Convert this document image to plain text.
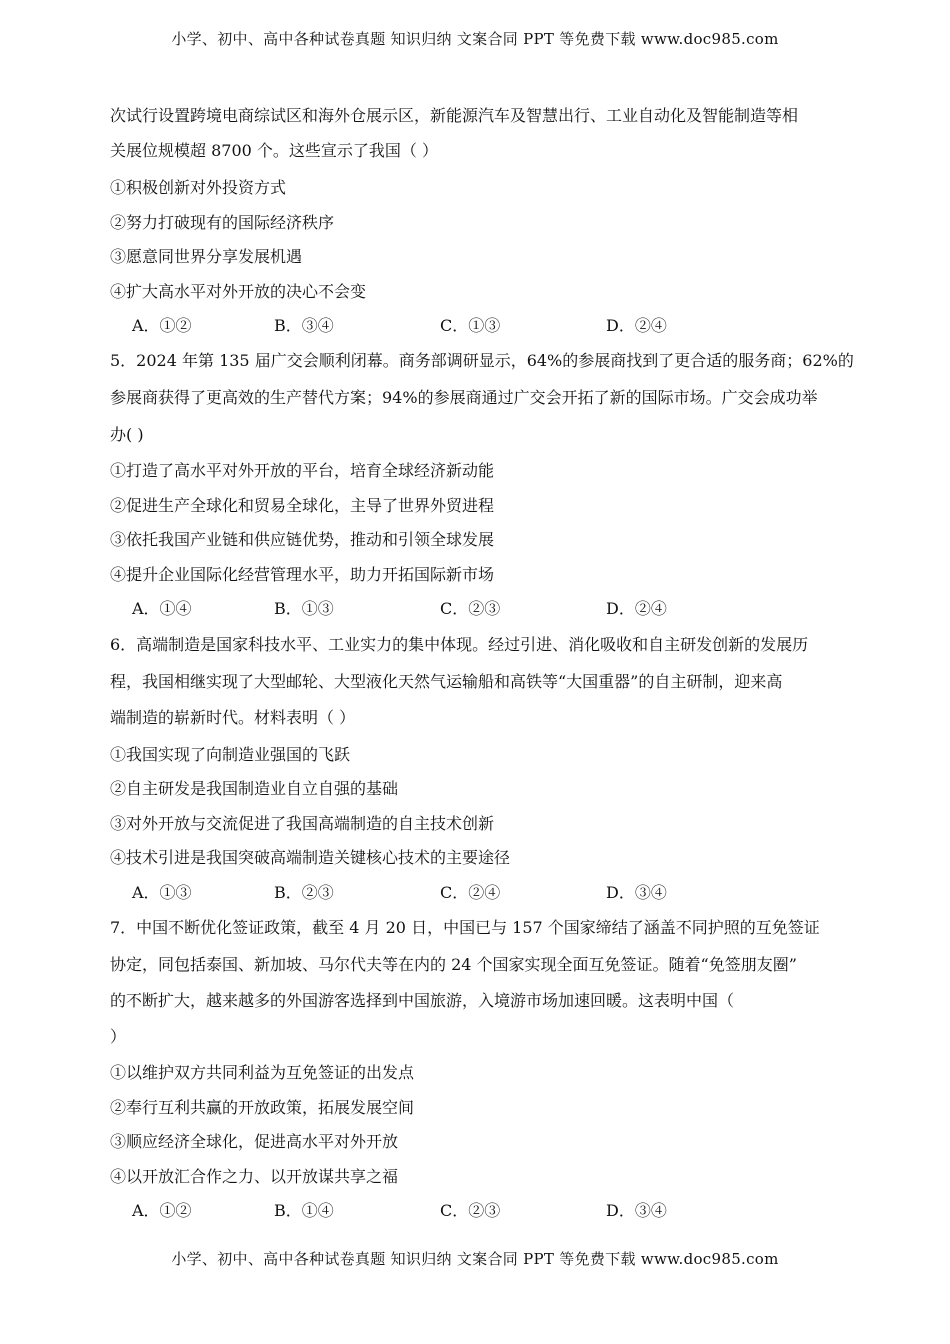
小学、初中、高中各种试卷真题 知识归纳 文案合同 PPT 等免费下载 www.doc985.com
次试行设置跨境电商综试区和海外仓展示区，新能源汽车及智慧出行、工业自动化及智能制造等相
关展位规模超 8700 个。这些宣示了我国（ ）
①积极创新对外投资方式
②努力打破现有的国际经济秩序
③愿意同世界分享发展机遇
④扩大高水平对外开放的决心不会变
A．①②	B．③④	C．①③	D．②④
5．2024 年第 135 届广交会顺利闭幕。商务部调研显示，64%的参展商找到了更合适的服务商；62%的
参展商获得了更高效的生产替代方案；94%的参展商通过广交会开拓了新的国际市场。广交会成功举
办( )
①打造了高水平对外开放的平台，培育全球经济新动能
②促进生产全球化和贸易全球化，主导了世界外贸进程
③依托我国产业链和供应链优势，推动和引领全球发展
④提升企业国际化经营管理水平，助力开拓国际新市场
A．①④	B．①③	C．②③	D．②④
6．高端制造是国家科技水平、工业实力的集中体现。经过引进、消化吸收和自主研发创新的发展历
程，我国相继实现了大型邮轮、大型液化天然气运输船和高铁等“大国重器”的自主研制，迎来高
端制造的崭新时代。材料表明（ ）
①我国实现了向制造业强国的飞跃
②自主研发是我国制造业自立自强的基础
③对外开放与交流促进了我国高端制造的自主技术创新
④技术引进是我国突破高端制造关键核心技术的主要途径
A．①③	B．②③	C．②④	D．③④
7．中国不断优化签证政策，截至 4 月 20 日，中国已与 157 个国家缔结了涵盖不同护照的互免签证
协定，同包括泰国、新加坡、马尔代夫等在内的 24 个国家实现全面互免签证。随着“免签朋友圈”
的不断扩大，越来越多的外国游客选择到中国旅游，入境游市场加速回暖。这表明中国（
）
①以维护双方共同利益为互免签证的出发点
②奉行互利共赢的开放政策，拓展发展空间
③顺应经济全球化，促进高水平对外开放
④以开放汇合作之力、以开放谋共享之福
A．①②	B．①④	C．②③	D．③④
小学、初中、高中各种试卷真题 知识归纳 文案合同 PPT 等免费下载 www.doc985.com
